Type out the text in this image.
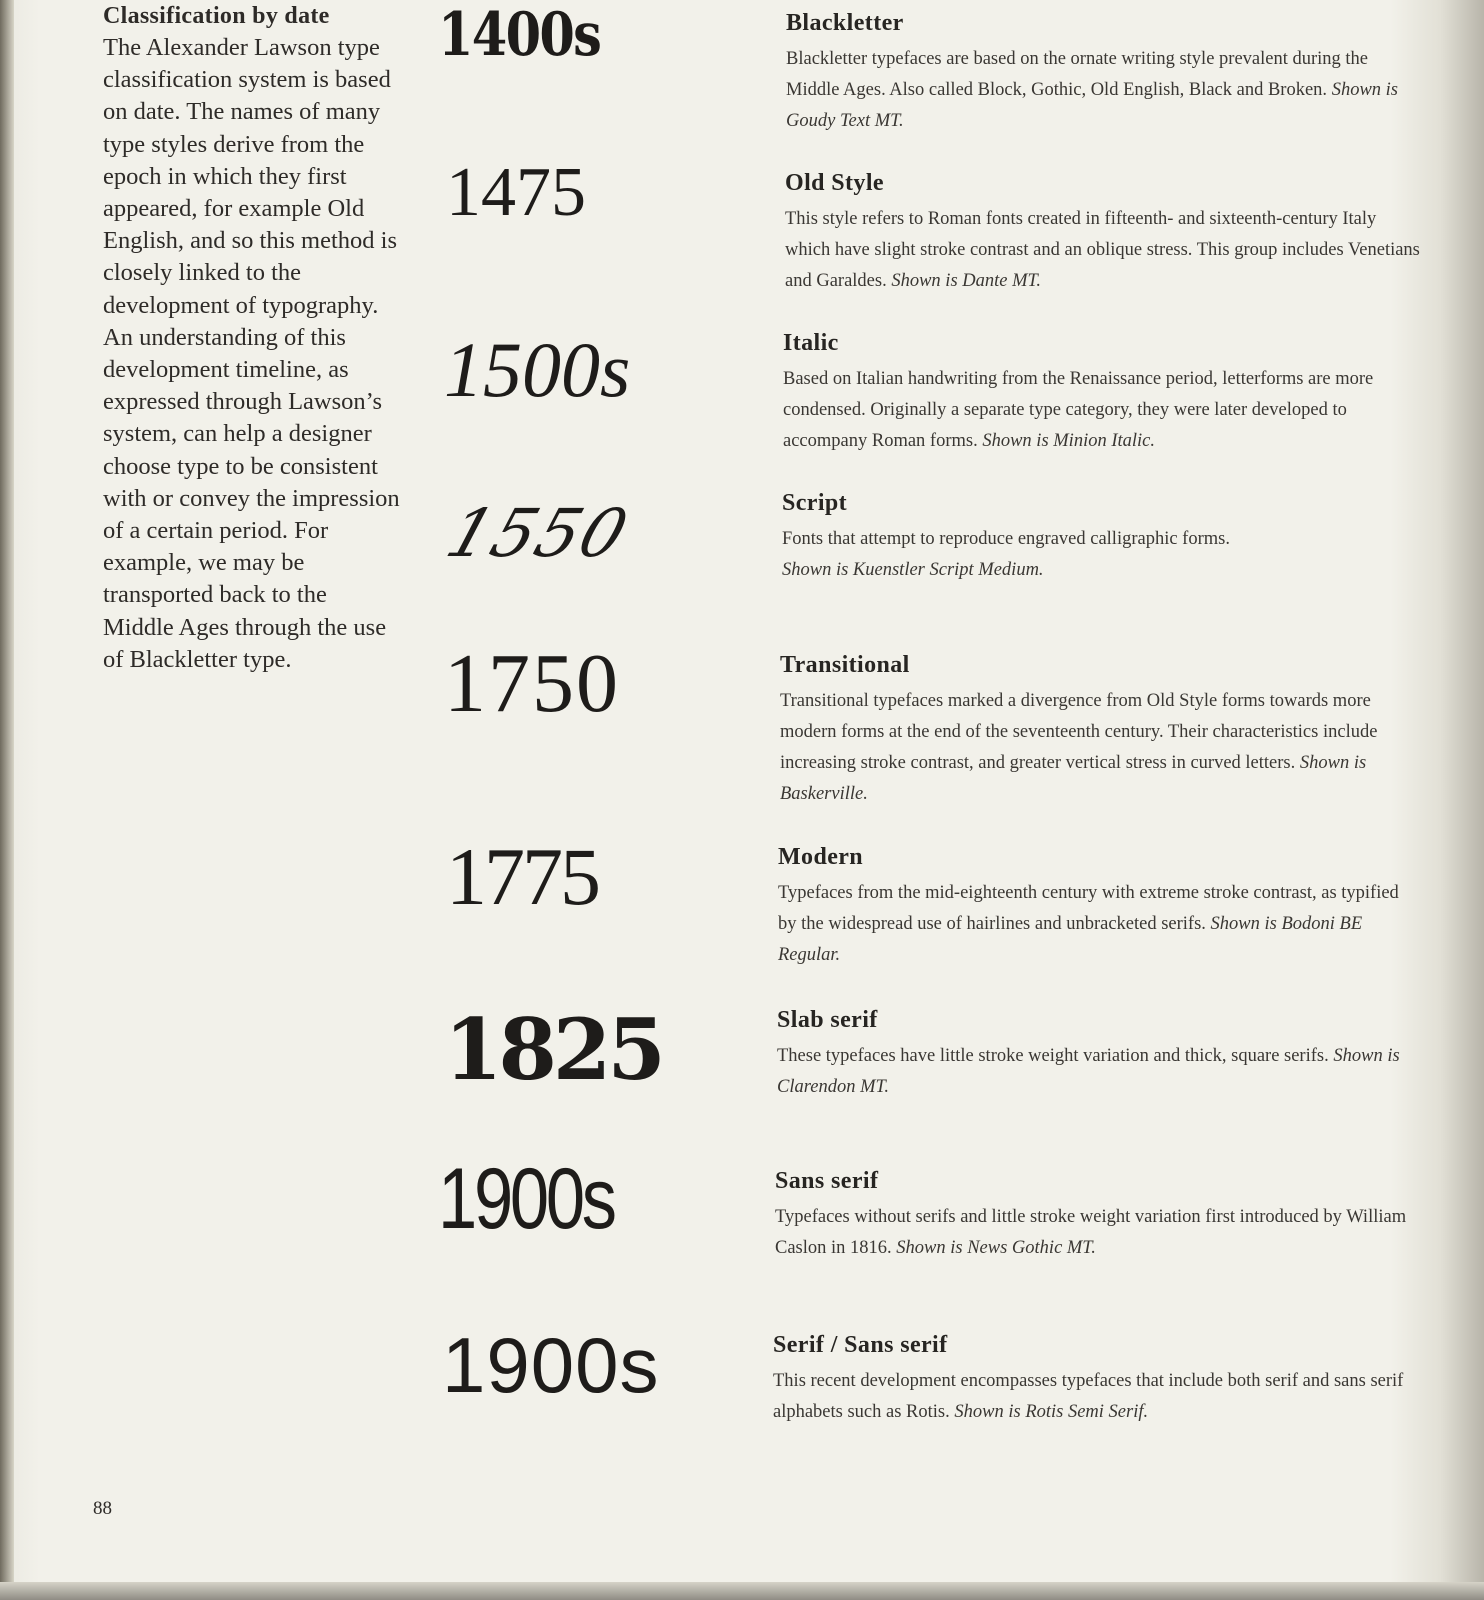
Classification by date

The Alexander Lawson type classification system is based on date. The names of many type styles derive from the epoch in which they first appeared, for example Old English, and so this method is closely linked to the development of typography. An understanding of this development timeline, as expressed through Lawson’s system, can help a designer choose type to be consistent with or convey the impression of a certain period. For example, we may be transported back to the Middle Ages through the use of Blackletter type.

1400s	Blackletter

Blackletter typefaces are based on the ornate writing style prevalent during the Middle Ages. Also called Block, Gothic, Old English, Black and Broken. Shown is Goudy Text MT.

1475	Old Style

This style refers to Roman fonts created in fifteenth- and sixteenth-century Italy which have slight stroke contrast and an oblique stress. This group includes Venetians and Garaldes. Shown is Dante MT.

1500s	Italic

Based on Italian handwriting from the Renaissance period, letterforms are more condensed. Originally a separate type category, they were later developed to accompany Roman forms. Shown is Minion Italic.

1550	Script

Fonts that attempt to reproduce engraved calligraphic forms.
Shown is Kuenstler Script Medium.

1750	Transitional

Transitional typefaces marked a divergence from Old Style forms towards more modern forms at the end of the seventeenth century. Their characteristics include increasing stroke contrast, and greater vertical stress in curved letters. Shown is Baskerville.

1775	Modern

Typefaces from the mid-eighteenth century with extreme stroke contrast, as typified by the widespread use of hairlines and unbracketed serifs. Shown is Bodoni BE Regular.

1825	Slab serif

These typefaces have little stroke weight variation and thick, square serifs. Shown is Clarendon MT.

1900s	Sans serif

Typefaces without serifs and little stroke weight variation first introduced by William Caslon in 1816. Shown is News Gothic MT.

1900s	Serif / Sans serif

This recent development encompasses typefaces that include both serif and sans serif alphabets such as Rotis. Shown is Rotis Semi Serif.

88
